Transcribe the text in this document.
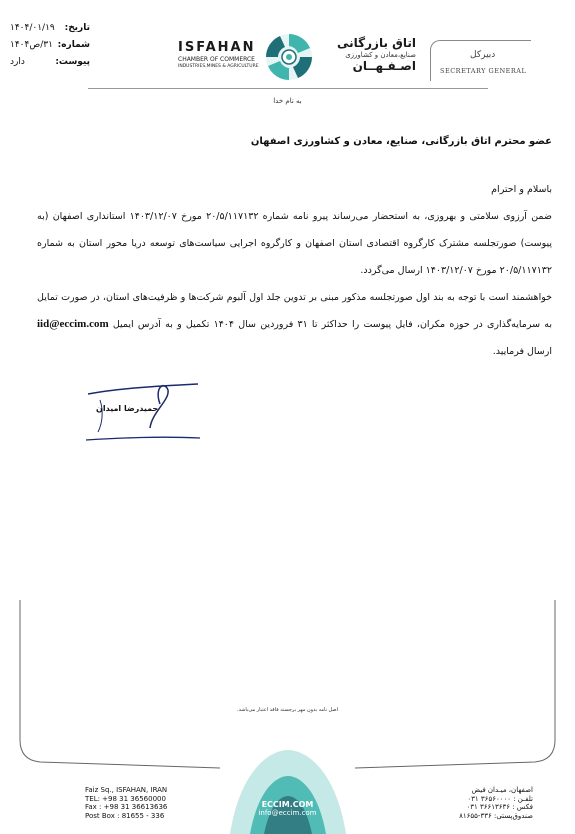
تاریخ:
۱۴۰۴/۰۱/۱۹
شماره:
۳۱/ص۱۴۰۴
پیوست:
دارد
ISFAHAN
CHAMBER OF COMMERCE
INDUSTRIES,MINES & AGRICULTURE
اتاق بازرگانی
صنایع،معادن و کشاورزی
اصـفـهــان
دبیرکل
SECRETARY GENERAL
به نام خدا
عضو محترم اتاق بازرگانی، صنایع، معادن و کشاورزی اصفهان
باسلام و احترام
ضمن آرزوی سلامتی و بهروزی، به استحضار می‌رساند پیرو نامه شماره ۲۰/۵/۱۱۷۱۳۲ مورخ ۱۴۰۳/۱۲/۰۷ استانداری اصفهان (به پیوست) صورتجلسه مشترک کارگروه اقتصادی استان اصفهان و کارگروه اجرایی سیاست‌های توسعه دریا محور استان به شماره ۲۰/۵/۱۱۷۱۳۲ مورخ ۱۴۰۳/۱۲/۰۷ ارسال می‌گردد.
خواهشمند است با توجه به بند اول صورتجلسه مذکور مبنی بر تدوین جلد اول آلبوم شرکت‌ها و ظرفیت‌های استان، در صورت تمایل به سرمایه‌گذاری در حوزه مکران، فایل پیوست را حداکثر تا ۳۱ فروردین سال ۱۴۰۴ تکمیل و به آدرس ایمیل iid@eccim.com ارسال فرمایید.
حمیدرضا امیدان
اصل نامه بدون مهر برجسته فاقد اعتبار می‌باشد.
Faiz Sq., ISFAHAN, IRAN
TEL: +98 31 36560000
Fax : +98 31 36613636
Post Box : 81655 - 336
اصفهان، میـدان فیض
تلفـن : ۳۶۵۶۰۰۰۰ ۰۳۱
فکس : ۳۶۶۱۳۶۳۶ ۰۳۱
صندوق‌پستی: ۳۳۶-۸۱۶۵۵
ECCIM.COM
info@eccim.com
